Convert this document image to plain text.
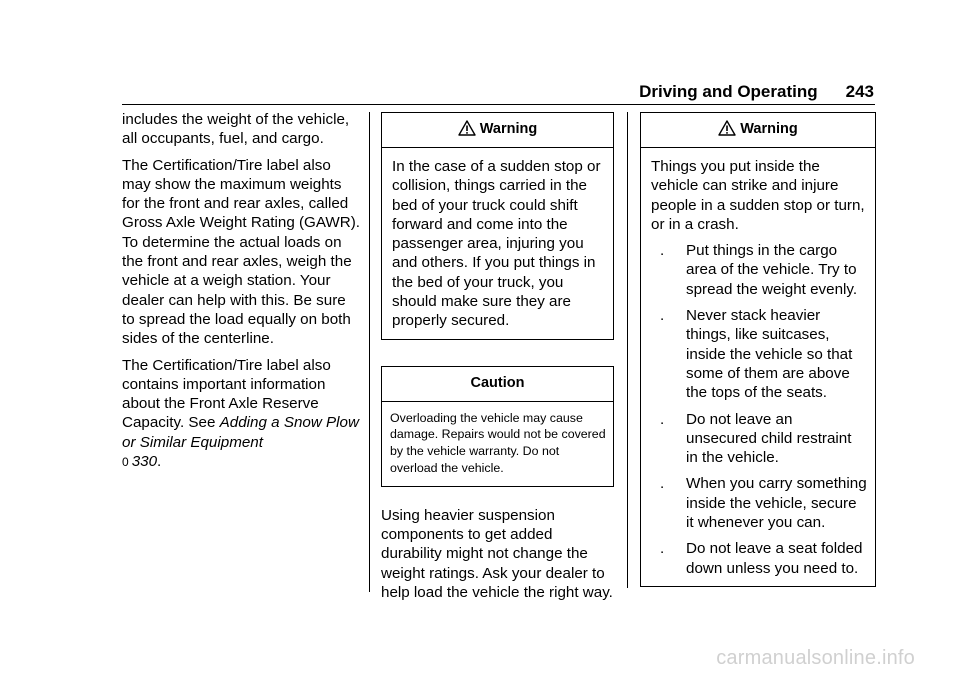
Driving and Operating 243

includes the weight of the vehicle, all occupants, fuel, and cargo.

The Certification/Tire label also may show the maximum weights for the front and rear axles, called Gross Axle Weight Rating (GAWR). To determine the actual loads on the front and rear axles, weigh the vehicle at a weigh station. Your dealer can help with this. Be sure to spread the load equally on both sides of the centerline.

The Certification/Tire label also contains important information about the Front Axle Reserve Capacity. See Adding a Snow Plow or Similar Equipment
0 330.

Warning
In the case of a sudden stop or collision, things carried in the bed of your truck could shift forward and come into the passenger area, injuring you and others. If you put things in the bed of your truck, you should make sure they are properly secured.
Caution
Overloading the vehicle may cause damage. Repairs would not be covered by the vehicle warranty. Do not overload the vehicle.

Using heavier suspension components to get added durability might not change the weight ratings. Ask your dealer to help load the vehicle the right way.

Warning
Things you put inside the vehicle can strike and injure people in a sudden stop or turn, or in a crash.
. Put things in the cargo area of the vehicle. Try to spread the weight evenly.
. Never stack heavier things, like suitcases, inside the vehicle so that some of them are above the tops of the seats.
. Do not leave an unsecured child restraint in the vehicle.
. When you carry something inside the vehicle, secure it whenever you can.
. Do not leave a seat folded down unless you need to.
carmanualsonline.info
